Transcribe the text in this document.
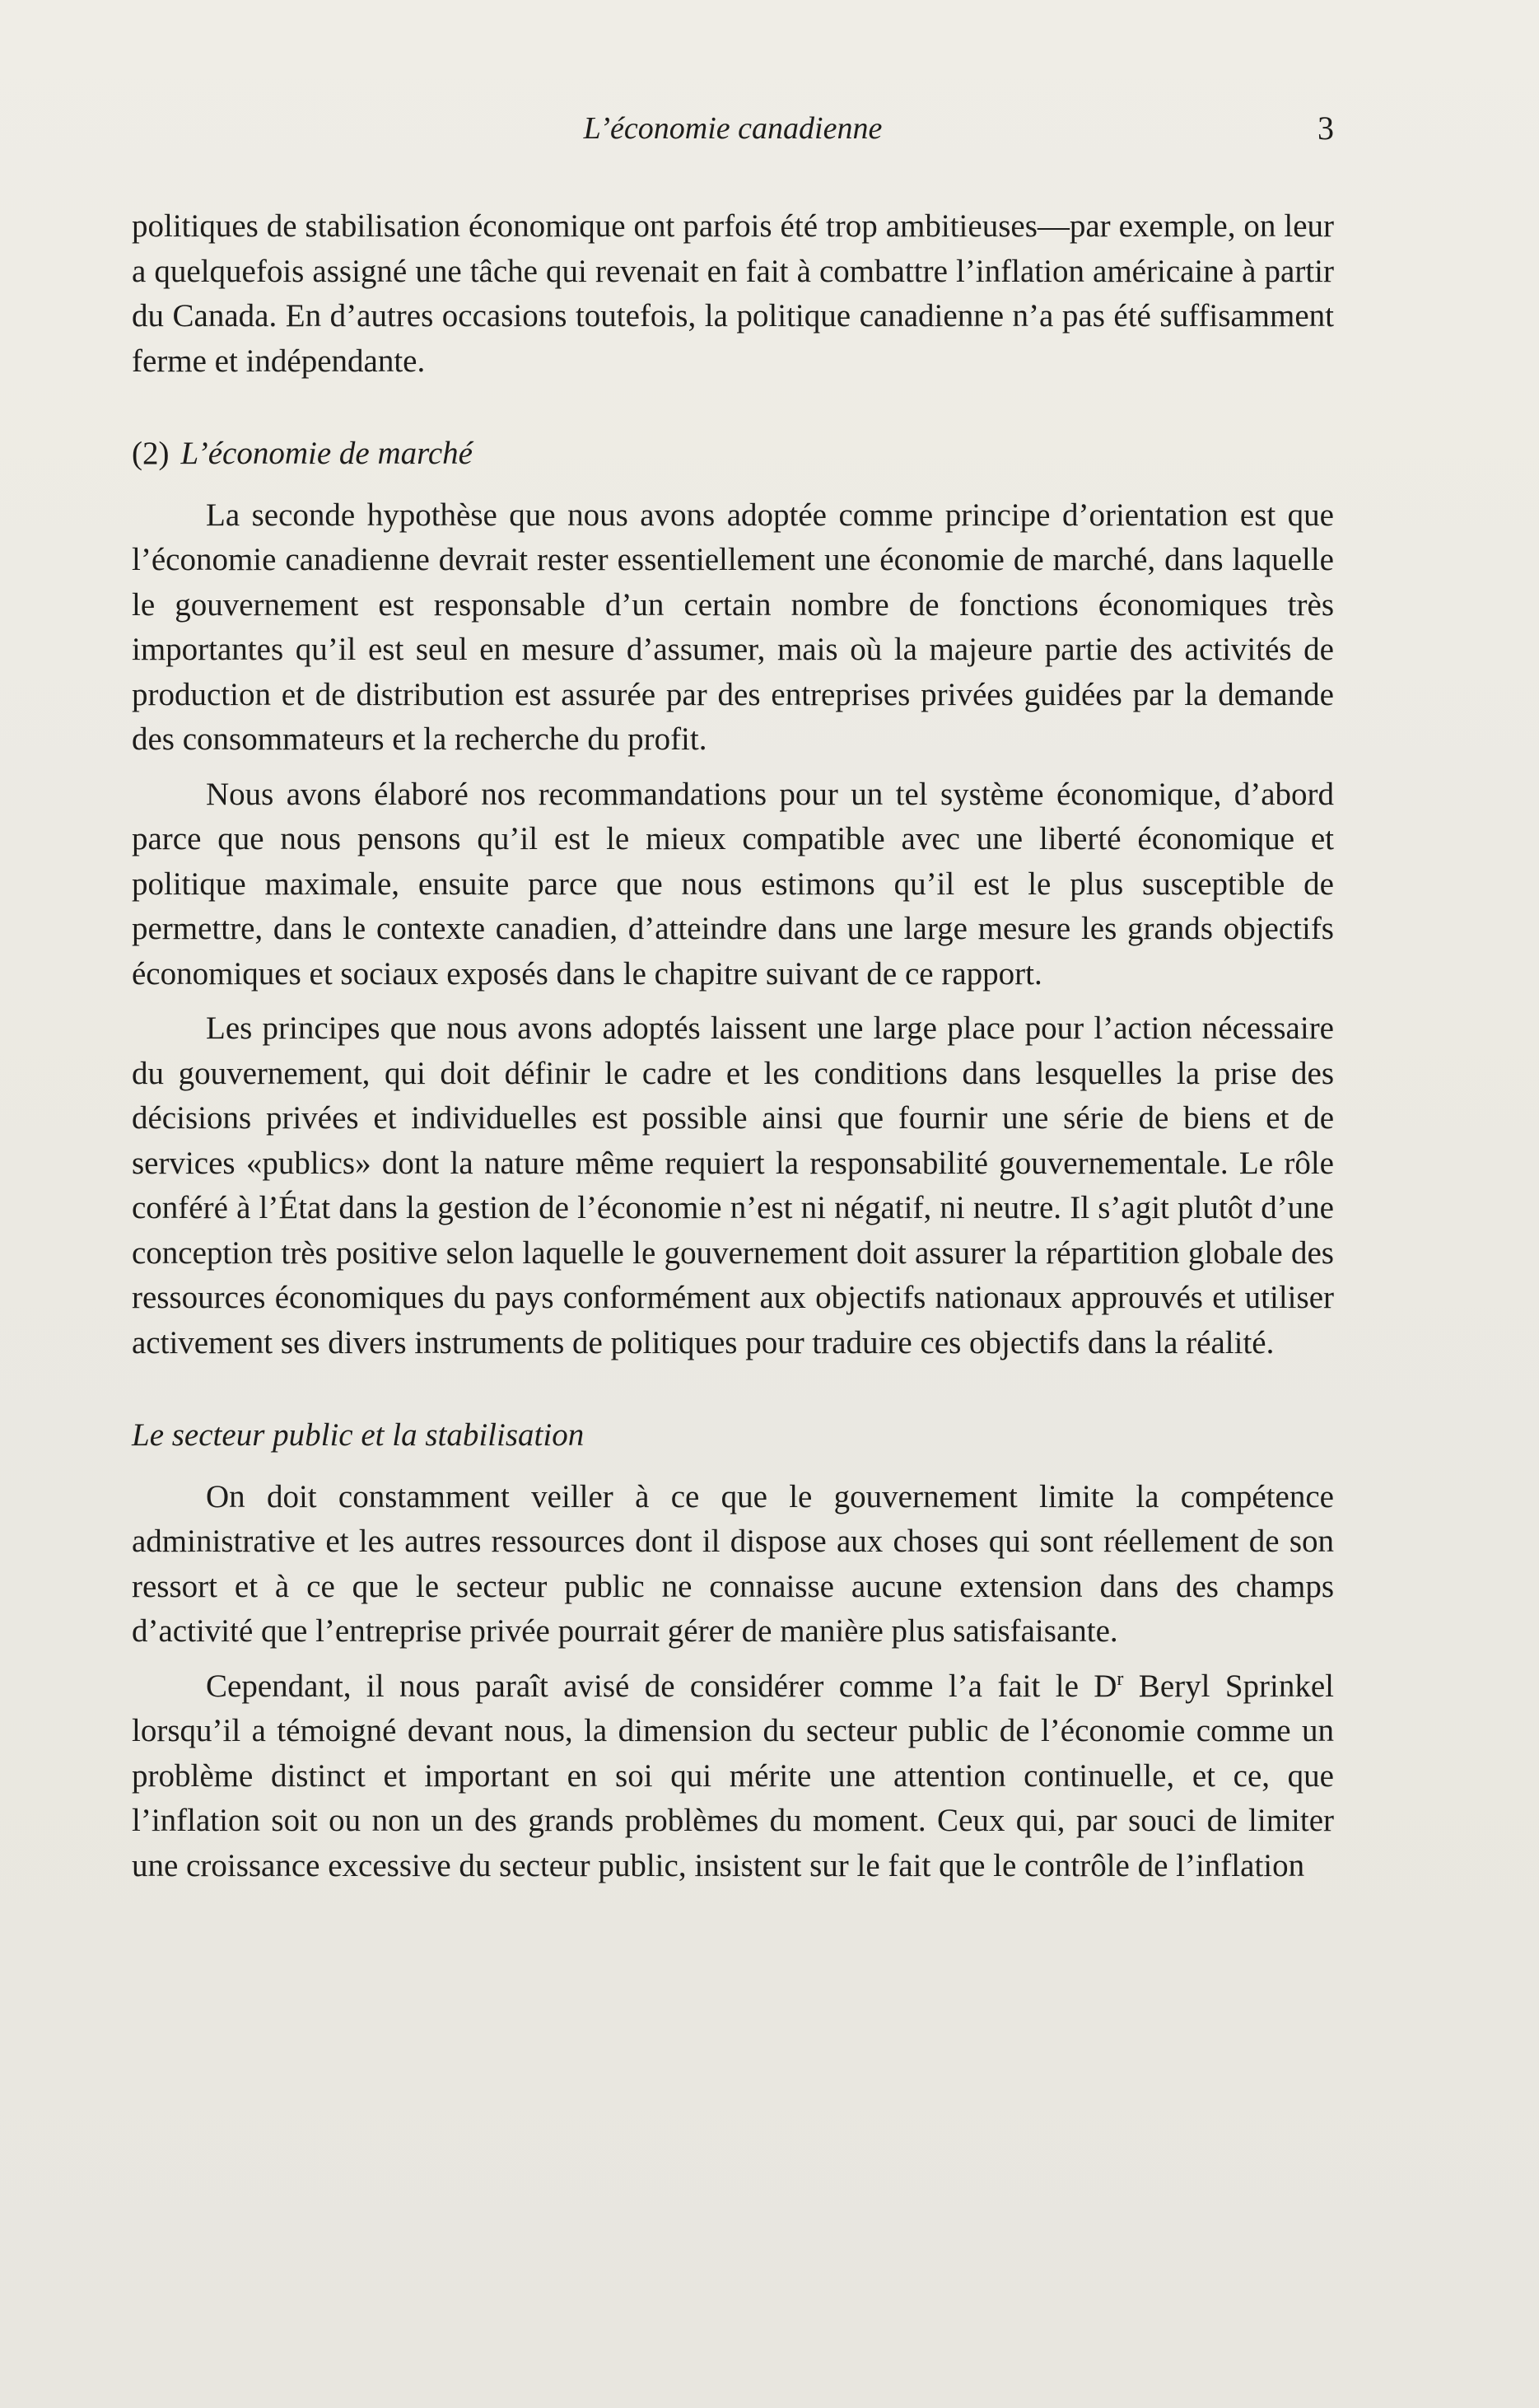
L’économie canadienne	3

politiques de stabilisation économique ont parfois été trop ambitieuses—par exemple, on leur a quelquefois assigné une tâche qui revenait en fait à combattre l’inflation américaine à partir du Canada. En d’autres occasions toutefois, la politique canadienne n’a pas été suffisamment ferme et indépendante.

(2) L’économie de marché

La seconde hypothèse que nous avons adoptée comme principe d’orientation est que l’économie canadienne devrait rester essentiellement une économie de marché, dans laquelle le gouvernement est responsable d’un certain nombre de fonctions économiques très importantes qu’il est seul en mesure d’assumer, mais où la majeure partie des activités de production et de distribution est assurée par des entreprises privées guidées par la demande des consommateurs et la recherche du profit.

Nous avons élaboré nos recommandations pour un tel système économique, d’abord parce que nous pensons qu’il est le mieux compatible avec une liberté économique et politique maximale, ensuite parce que nous estimons qu’il est le plus susceptible de permettre, dans le contexte canadien, d’atteindre dans une large mesure les grands objectifs économiques et sociaux exposés dans le chapitre suivant de ce rapport.

Les principes que nous avons adoptés laissent une large place pour l’action nécessaire du gouvernement, qui doit définir le cadre et les conditions dans lesquelles la prise des décisions privées et individuelles est possible ainsi que fournir une série de biens et de services «publics» dont la nature même requiert la responsabilité gouvernementale. Le rôle conféré à l’État dans la gestion de l’économie n’est ni négatif, ni neutre. Il s’agit plutôt d’une conception très positive selon laquelle le gouvernement doit assurer la répartition globale des ressources économiques du pays conformément aux objectifs nationaux approuvés et utiliser activement ses divers instruments de politiques pour traduire ces objectifs dans la réalité.

Le secteur public et la stabilisation

On doit constamment veiller à ce que le gouvernement limite la compétence administrative et les autres ressources dont il dispose aux choses qui sont réellement de son ressort et à ce que le secteur public ne connaisse aucune extension dans des champs d’activité que l’entreprise privée pourrait gérer de manière plus satisfaisante.

Cependant, il nous paraît avisé de considérer comme l’a fait le $D^r$ Beryl Sprinkel lorsqu’il a témoigné devant nous, la dimension du secteur public de l’économie comme un problème distinct et important en soi qui mérite une attention continuelle, et ce, que l’inflation soit ou non un des grands problèmes du moment. Ceux qui, par souci de limiter une croissance excessive du secteur public, insistent sur le fait que le contrôle de l’inflation
